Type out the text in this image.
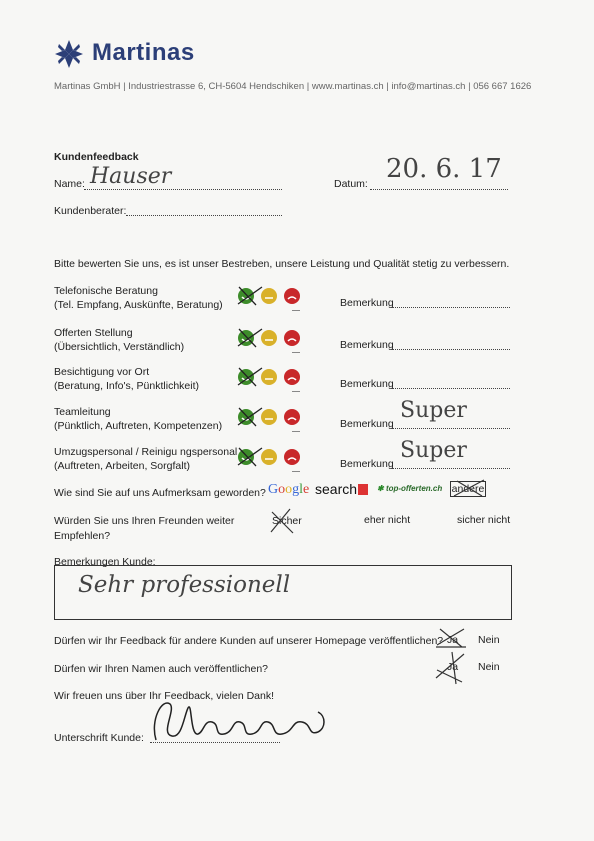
Martinas
Martinas GmbH | Industriestrasse 6, CH-5604 Hendschiken | www.martinas.ch | info@martinas.ch | 056 667 1626
Kundenfeedback
Name: Hauser	Datum: 20. 6. 17
Kundenberater:
Bitte bewerten Sie uns, es ist unser Bestreben, unsere Leistung und Qualität stetig zu verbessern.
Telefonische Beratung
(Tel. Empfang, Auskünfte, Beratung)	Bemerkung
Offerten Stellung
(Übersichtlich, Verständlich)	Bemerkung
Besichtigung vor Ort
(Beratung, Info's, Pünktlichkeit)	Bemerkung
Teamleitung
(Pünktlich, Auftreten, Kompetenzen)	Bemerkung
Super
Umzugspersonal / Reinigu ngspersonal
(Auftreten, Arbeiten, Sorgfalt)	Bemerkung
Super
Wie sind Sie auf uns Aufmerksam geworden? Google search	✱ top-offerten.ch andere
Würden Sie uns Ihren Freunden weiter
Empfehlen?
Sicher	eher nicht	sicher nicht
Bemerkungen Kunde:
Sehr professionell
Dürfen wir Ihr Feedback für andere Kunden auf unserer Homepage veröffentlichen? Ja Nein
Dürfen wir Ihren Namen auch veröffentlichen?	Ja Nein
Wir freuen uns über Ihr Feedback, vielen Dank!
Unterschrift Kunde:
